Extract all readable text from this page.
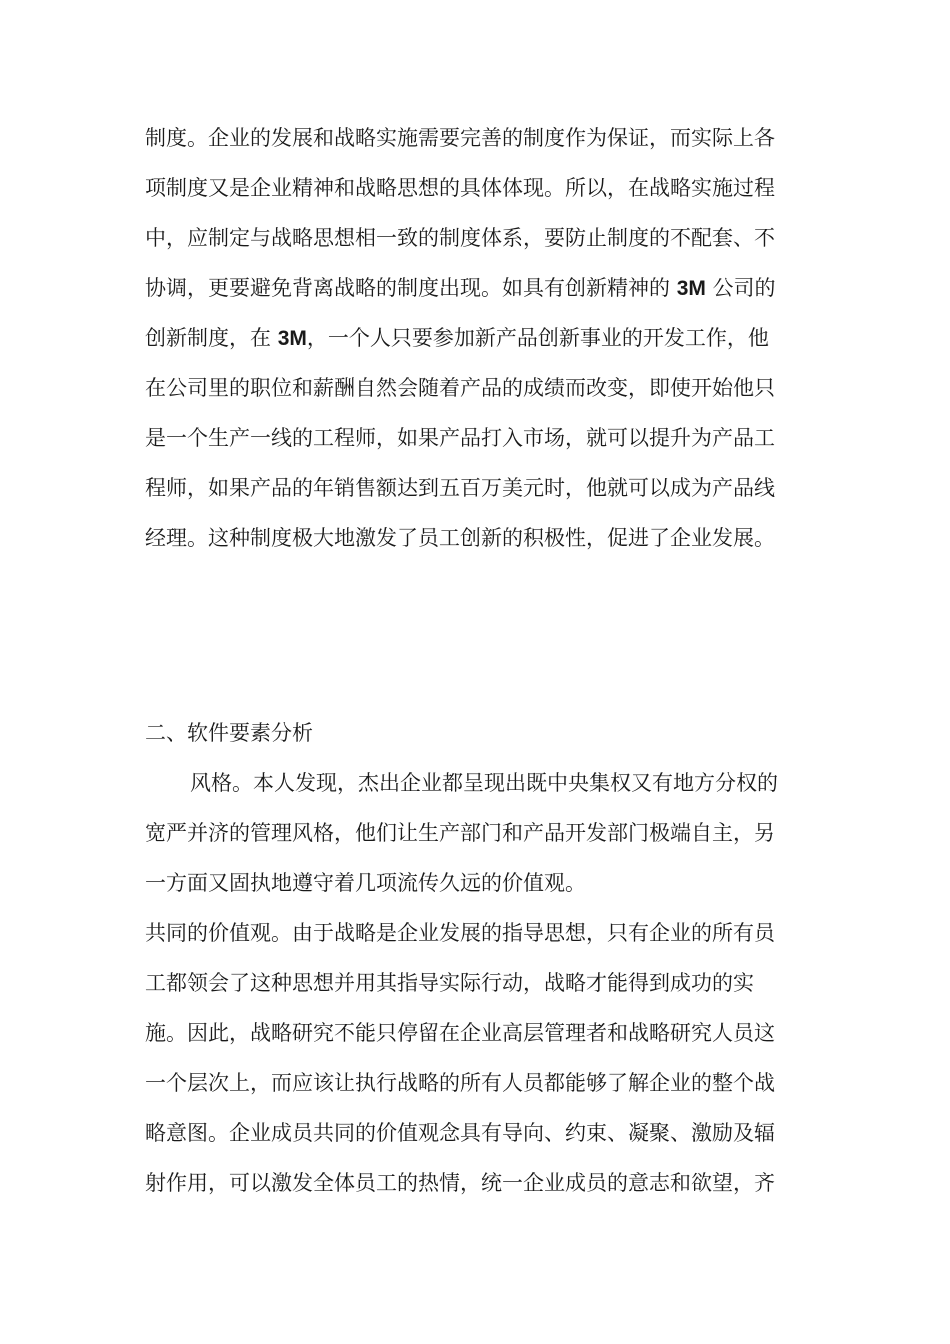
制度。企业的发展和战略实施需要完善的制度作为保证，而实际上各
项制度又是企业精神和战略思想的具体体现。所以，在战略实施过程
中，应制定与战略思想相一致的制度体系，要防止制度的不配套、不
协调，更要避免背离战略的制度出现。如具有创新精神的 3M 公司的
创新制度，在 3M，一个人只要参加新产品创新事业的开发工作，他
在公司里的职位和薪酬自然会随着产品的成绩而改变，即使开始他只
是一个生产一线的工程师，如果产品打入市场，就可以提升为产品工
程师，如果产品的年销售额达到五百万美元时，他就可以成为产品线
经理。这种制度极大地激发了员工创新的积极性，促进了企业发展。
二、软件要素分析
风格。本人发现，杰出企业都呈现出既中央集权又有地方分权的
宽严并济的管理风格，他们让生产部门和产品开发部门极端自主，另
一方面又固执地遵守着几项流传久远的价值观。
共同的价值观。由于战略是企业发展的指导思想，只有企业的所有员
工都领会了这种思想并用其指导实际行动，战略才能得到成功的实
施。因此，战略研究不能只停留在企业高层管理者和战略研究人员这
一个层次上，而应该让执行战略的所有人员都能够了解企业的整个战
略意图。企业成员共同的价值观念具有导向、约束、凝聚、激励及辐
射作用，可以激发全体员工的热情，统一企业成员的意志和欲望，齐
